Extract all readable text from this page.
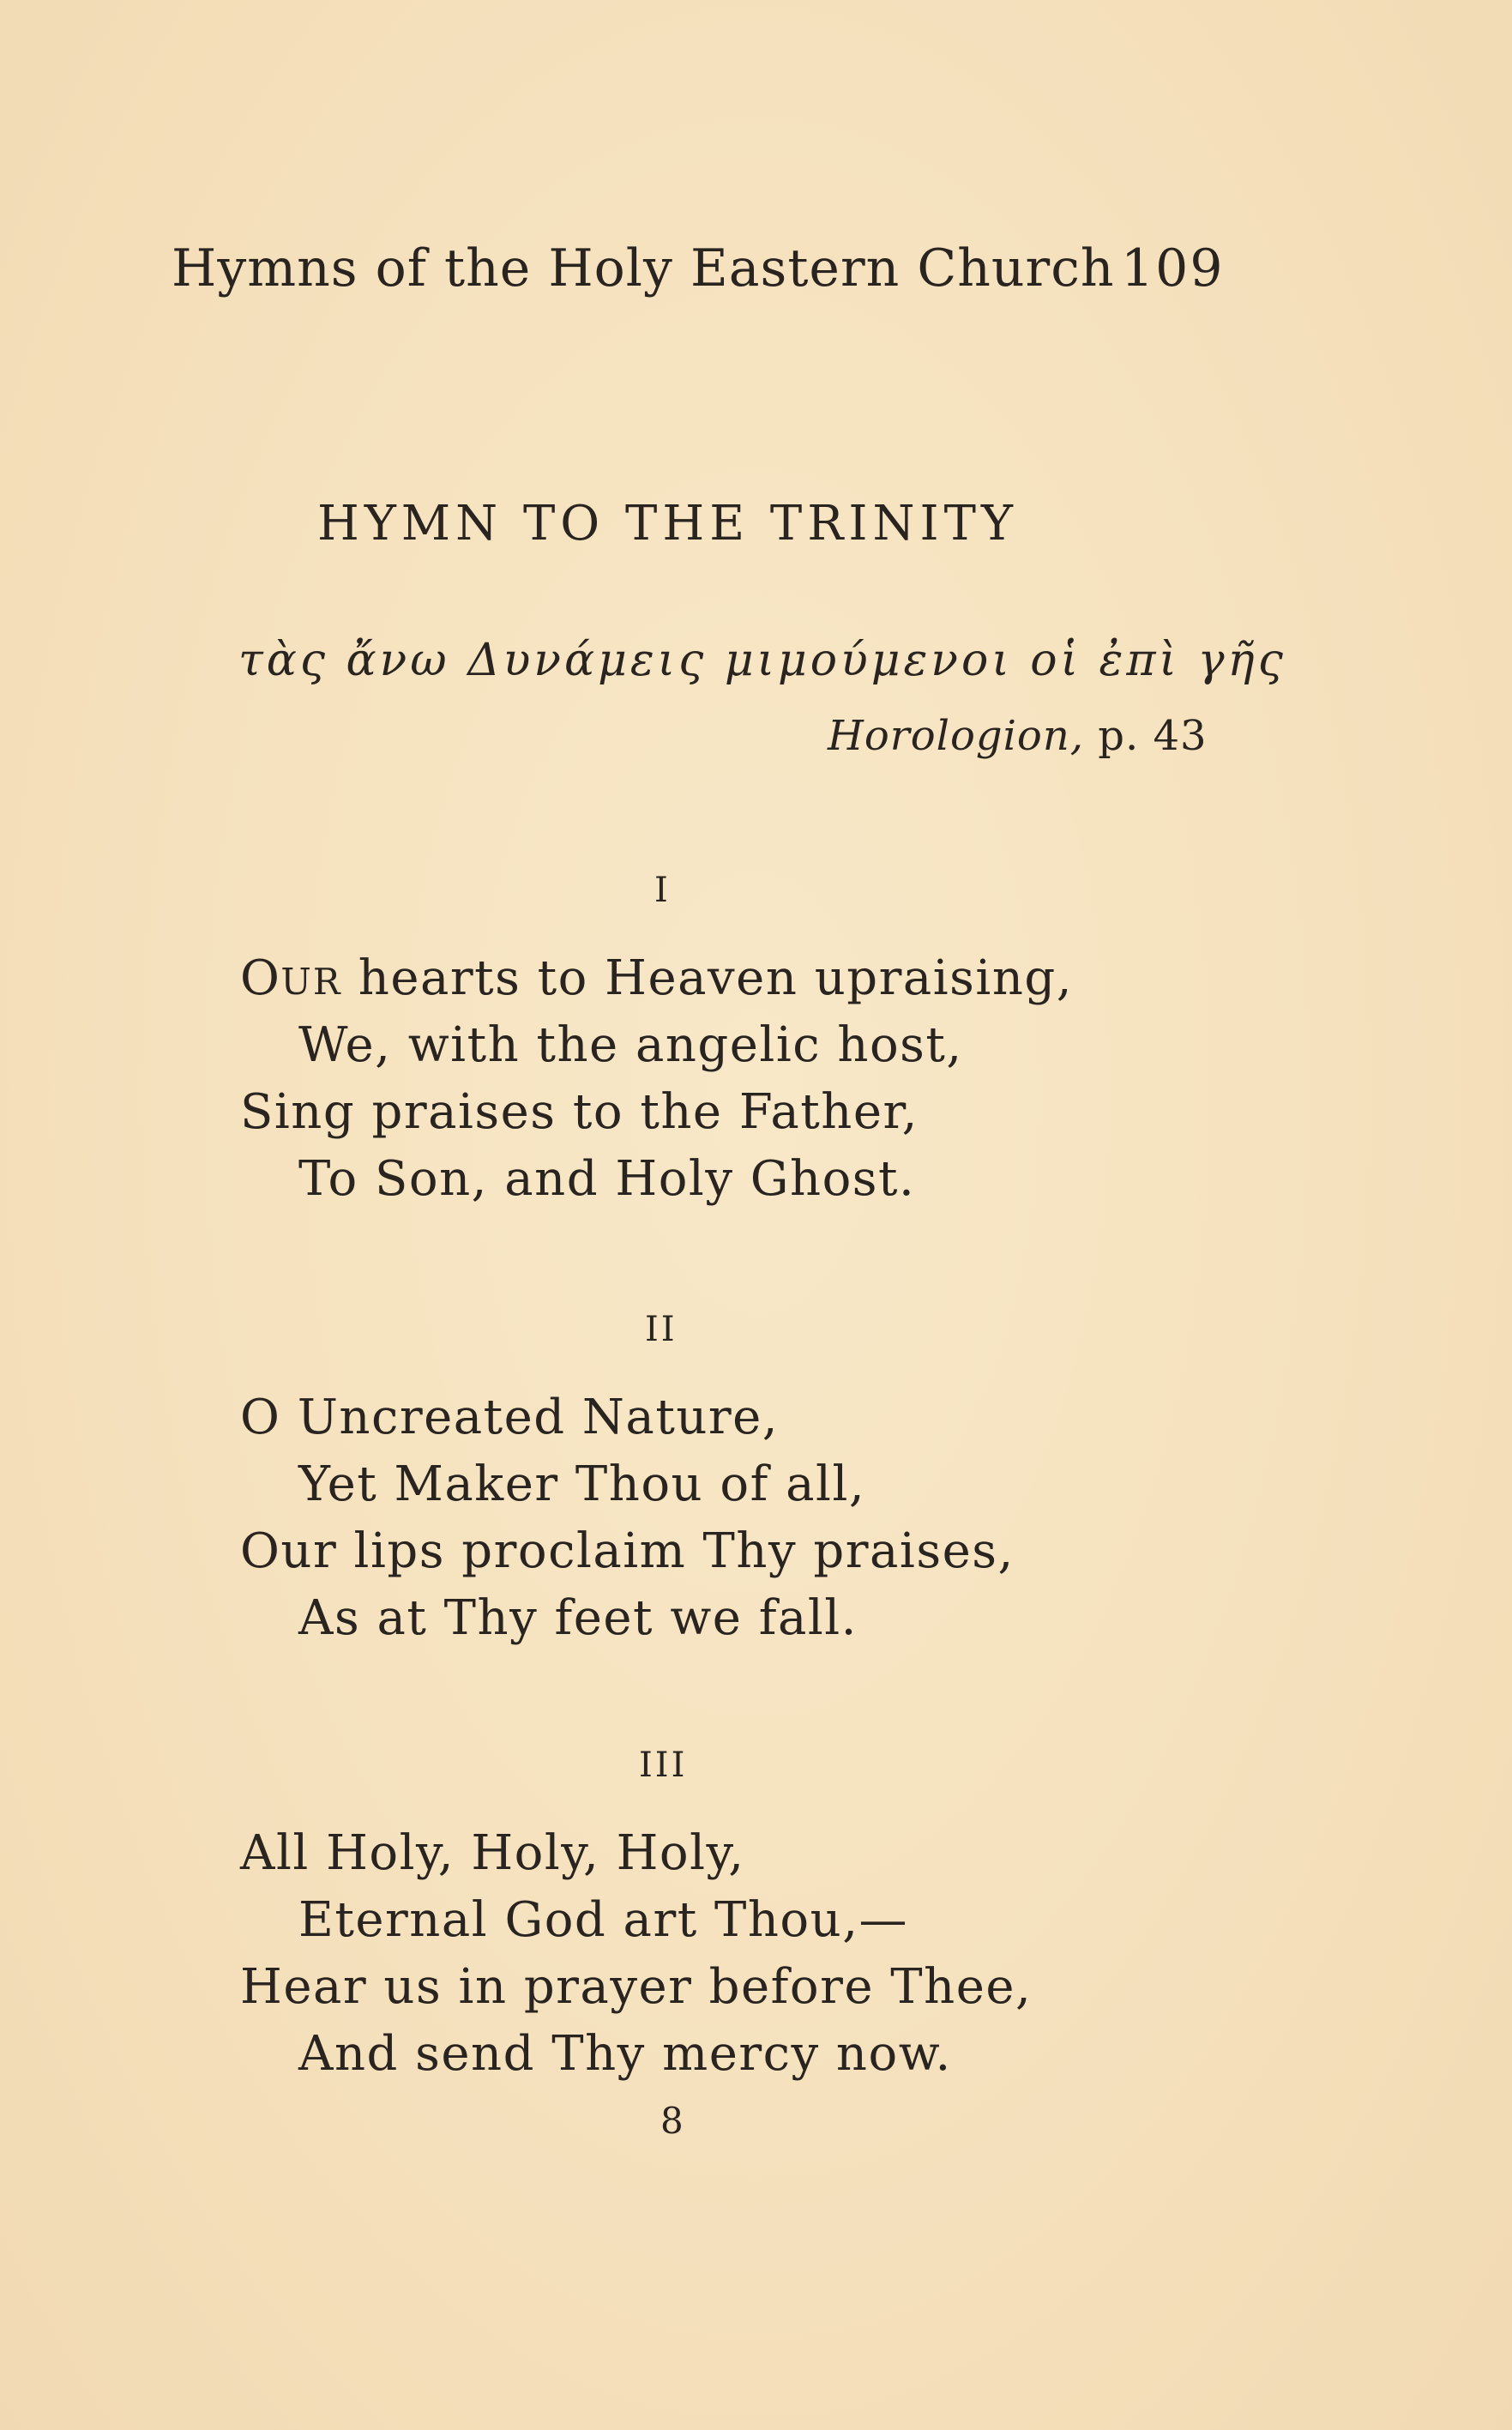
Hymns of the Holy Eastern Church 109
HYMN TO THE TRINITY
τὰς ἄνω Δυνάμεις μιμούμενοι οἱ ἐπὶ γῆς
Horologion, p. 43
I
OUR hearts to Heaven upraising,
We, with the angelic host,
Sing praises to the Father,
To Son, and Holy Ghost.
II
O Uncreated Nature,
Yet Maker Thou of all,
Our lips proclaim Thy praises,
As at Thy feet we fall.
III
All Holy, Holy, Holy,
Eternal God art Thou,—
Hear us in prayer before Thee,
And send Thy mercy now.
8
